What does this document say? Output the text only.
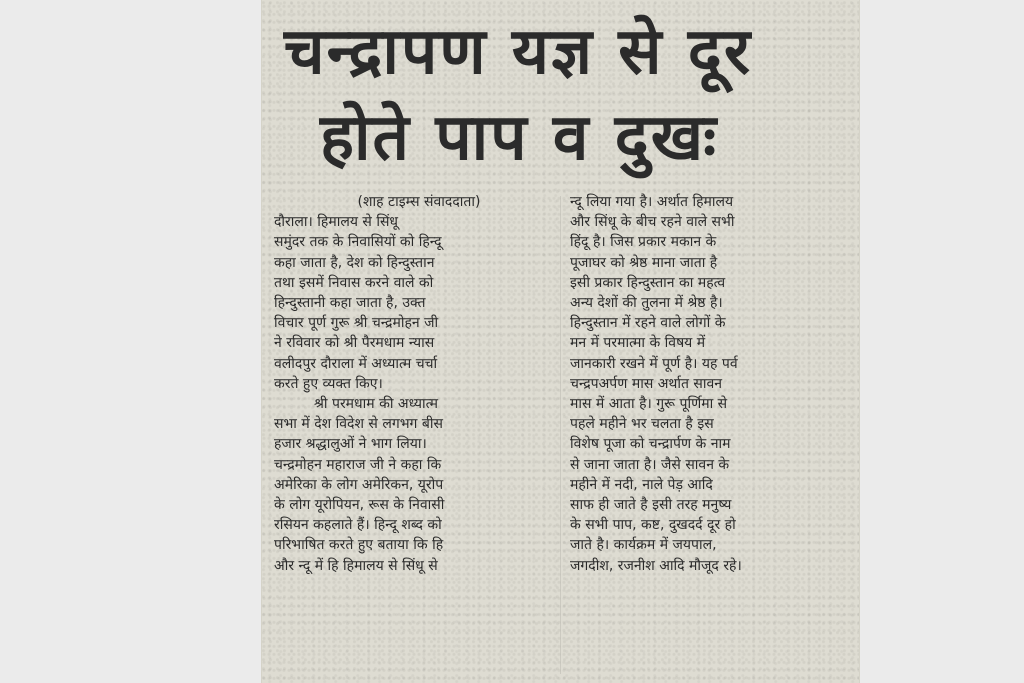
चन्द्रापण यज्ञ से दूर
होते पाप व दुखः
(शाह टाइम्स संवाददाता)
दौराला। हिमालय से सिंधू
समुंदर तक के निवासियों को हिन्दू
कहा जाता है, देश को हिन्दुस्तान
तथा इसमें निवास करने वाले को
हिन्दुस्तानी कहा जाता है, उक्त
विचार पूर्ण गुरू श्री चन्द्रमोहन जी
ने रविवार को श्री पैरमधाम न्यास
वलीदपुर दौराला में अध्यात्म चर्चा
करते हुए व्यक्त किए।
श्री परमधाम की अध्यात्म
सभा में देश विदेश से लगभग बीस
हजार श्रद्धालुओं ने भाग लिया।
चन्द्रमोहन महाराज जी ने कहा कि
अमेरिका के लोग अमेरिकन, यूरोप
के लोग यूरोपियन, रूस के निवासी
रसियन कहलाते हैं। हिन्दू शब्द को
परिभाषित करते हुए बताया कि हि
और न्दू में हि हिमालय से सिंधू से
न्दू लिया गया है। अर्थात हिमालय
और सिंधू के बीच रहने वाले सभी
हिंदू है। जिस प्रकार मकान के
पूजाघर को श्रेष्ठ माना जाता है
इसी प्रकार हिन्दुस्तान का महत्व
अन्य देशों की तुलना में श्रेष्ठ है।
हिन्दुस्तान में रहने वाले लोगों के
मन में परमात्मा के विषय में
जानकारी रखने में पूर्ण है। यह पर्व
चन्द्रपअर्पण मास अर्थात सावन
मास में आता है। गुरू पूर्णिमा से
पहले महीने भर चलता है इस
विशेष पूजा को चन्द्रार्पण के नाम
से जाना जाता है। जैसे सावन के
महीने में नदी, नाले पेड़ आदि
साफ ही जाते है इसी तरह मनुष्य
के सभी पाप, कष्ट, दुखदर्द दूर हो
जाते है। कार्यक्रम में जयपाल,
जगदीश, रजनीश आदि मौजूद रहे।
